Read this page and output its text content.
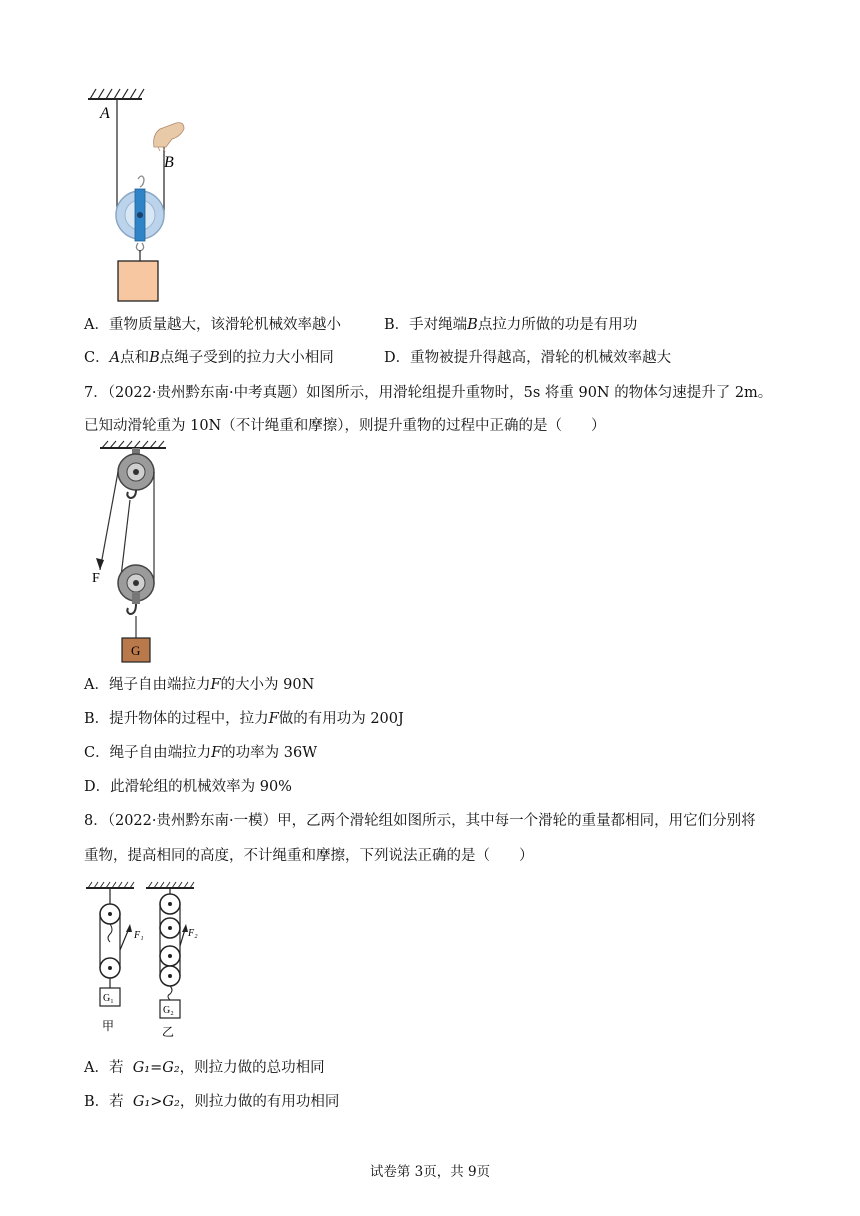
A
B
A．重物质量越大，该滑轮机械效率越小	B．手对绳端B点拉力所做的功是有用功
C．A点和B点绳子受到的拉力大小相同	D．重物被提升得越高，滑轮的机械效率越大
7．（2022·贵州黔东南·中考真题）如图所示，用滑轮组提升重物时，5s 将重 90N 的物体匀速提升了 2m。
已知动滑轮重为 10N（不计绳重和摩擦），则提升重物的过程中正确的是（　　）
F
G
A．绳子自由端拉力F的大小为 90N
B．提升物体的过程中，拉力F做的有用功为 200J
C．绳子自由端拉力F的功率为 36W
D．此滑轮组的机械效率为 90%
8．（2022·贵州黔东南·一模）甲，乙两个滑轮组如图所示，其中每一个滑轮的重量都相同，用它们分别将
重物，提高相同的高度，不计绳重和摩擦，下列说法正确的是（　　）
F₁
G₁
甲
F₂
G₂
乙
A．若 G₁=G₂，则拉力做的总功相同
B．若 G₁>G₂，则拉力做的有用功相同
试卷第 3页，共 9页
